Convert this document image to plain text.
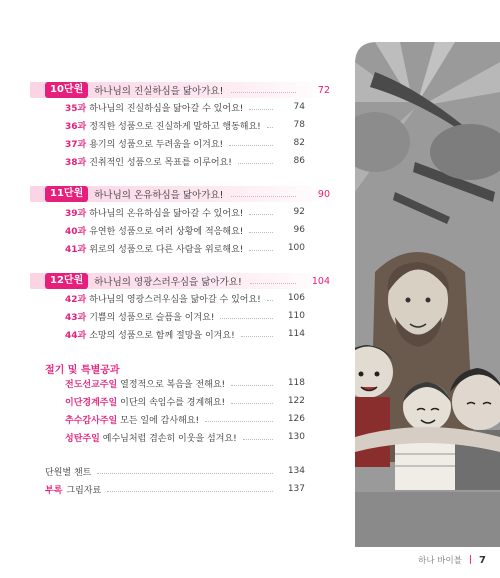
10단원	하나님의 진실하심을 닮아가요!	72
35과 하나님의 진실하심을 닮아갈 수 있어요!	74
36과 정직한 성품으로 진실하게 말하고 행동해요!	78
37과 용기의 성품으로 두려움을 이겨요!	82
38과 진취적인 성품으로 목표를 이루어요!	86
11단원	하나님의 온유하심을 닮아가요!	90
39과 하나님의 온유하심을 닮아갈 수 있어요!	92
40과 유연한 성품으로 여러 상황에 적응해요!	96
41과 위로의 성품으로 다른 사람을 위로해요!	100
12단원	하나님의 영광스러우심을 닮아가요!	104
42과 하나님의 영광스러우심을 닮아갈 수 있어요!	106
43과 기쁨의 성품으로 슬픔을 이겨요!	110
44과 소망의 성품으로 함께 절망을 이겨요!	114
절기 및 특별공과
전도선교주일 열정적으로 복음을 전해요!	118
이단경계주일 이단의 속임수를 경계해요!	122
추수감사주일 모든 일에 감사해요!	126
성탄주일 예수님처럼 겸손히 이웃을 섬겨요!	130
단원별 챈트	134
부록 그림자료	137
하나 바이블 | 7
